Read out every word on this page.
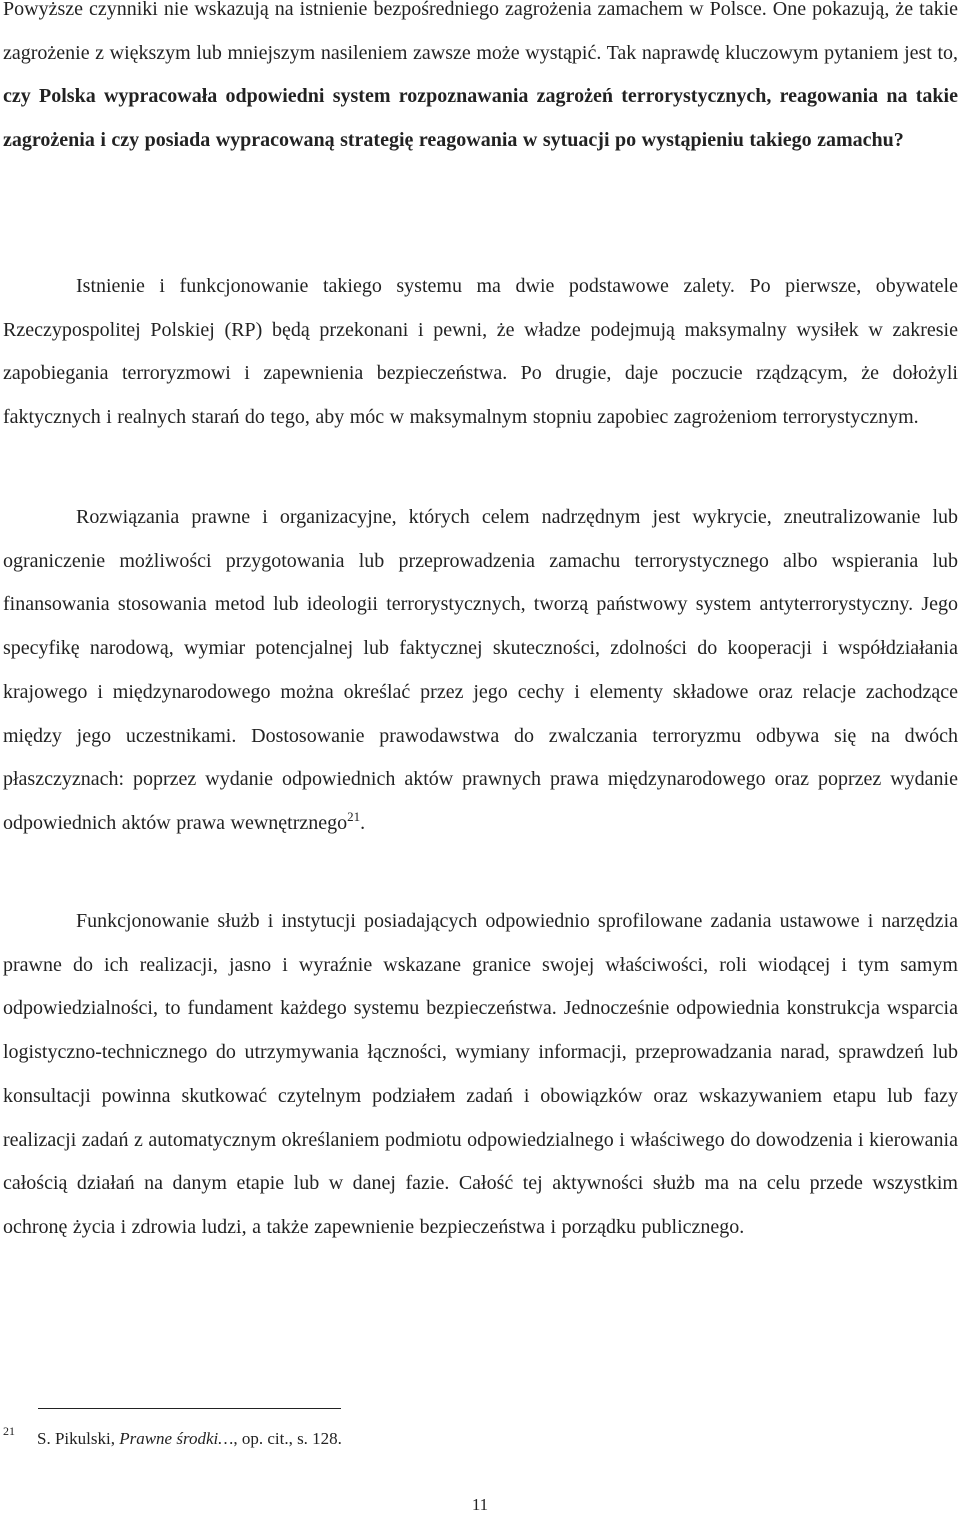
Powyższe czynniki nie wskazują na istnienie bezpośredniego zagrożenia zamachem w Polsce. One pokazują, że takie zagrożenie z większym lub mniejszym nasileniem zawsze może wystąpić. Tak naprawdę kluczowym pytaniem jest to, czy Polska wypracowała odpowiedni system rozpoznawania zagrożeń terrorystycznych, reagowania na takie zagrożenia i czy posiada wypracowaną strategię reagowania w sytuacji po wystąpieniu takiego zamachu?

Istnienie i funkcjonowanie takiego systemu ma dwie podstawowe zalety. Po pierwsze, obywatele Rzeczypospolitej Polskiej (RP) będą przekonani i pewni, że władze podejmują maksymalny wysiłek w zakresie zapobiegania terroryzmowi i zapewnienia bezpieczeństwa. Po drugie, daje poczucie rządzącym, że dołożyli faktycznych i realnych starań do tego, aby móc w maksymalnym stopniu zapobiec zagrożeniom terrorystycznym.

Rozwiązania prawne i organizacyjne, których celem nadrzędnym jest wykrycie, zneutralizowanie lub ograniczenie możliwości przygotowania lub przeprowadzenia zamachu terrorystycznego albo wspierania lub finansowania stosowania metod lub ideologii terrorystycznych, tworzą państwowy system antyterrorystyczny. Jego specyfikę narodową, wymiar potencjalnej lub faktycznej skuteczności, zdolności do kooperacji i współdziałania krajowego i międzynarodowego można określać przez jego cechy i elementy składowe oraz relacje zachodzące między jego uczestnikami. Dostosowanie prawodawstwa do zwalczania terroryzmu odbywa się na dwóch płaszczyznach: poprzez wydanie odpowiednich aktów prawnych prawa międzynarodowego oraz poprzez wydanie odpowiednich aktów prawa wewnętrznego$^{21}$.

Funkcjonowanie służb i instytucji posiadających odpowiednio sprofilowane zadania ustawowe i narzędzia prawne do ich realizacji, jasno i wyraźnie wskazane granice swojej właściwości, roli wiodącej i tym samym odpowiedzialności, to fundament każdego systemu bezpieczeństwa. Jednocześnie odpowiednia konstrukcja wsparcia logistyczno-technicznego do utrzymywania łączności, wymiany informacji, przeprowadzania narad, sprawdzeń lub konsultacji powinna skutkować czytelnym podziałem zadań i obowiązków oraz wskazywaniem etapu lub fazy realizacji zadań z automatycznym określaniem podmiotu odpowiedzialnego i właściwego do dowodzenia i kierowania całością działań na danym etapie lub w danej fazie. Całość tej aktywności służb ma na celu przede wszystkim ochronę życia i zdrowia ludzi, a także zapewnienie bezpieczeństwa i porządku publicznego.

21 S. Pikulski, Prawne środki…, op. cit., s. 128.
11
